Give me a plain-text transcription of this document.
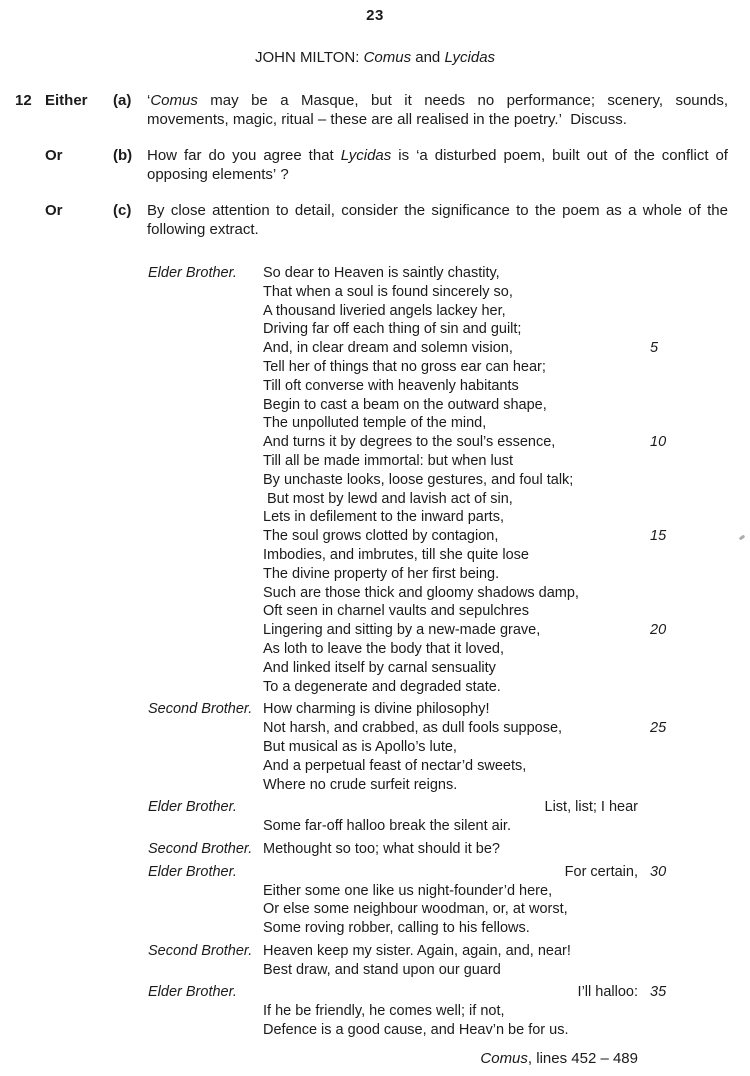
23
JOHN MILTON: Comus and Lycidas
12 Either	(a)	‘Comus may be a Masque, but it needs no performance; scenery, sounds,
movements, magic, ritual – these are all realised in the poetry.’  Discuss.
Or	(b) How far do you agree that Lycidas is ‘a disturbed poem, built out of the conflict of
opposing elements’ ?
Or	(c)	By close attention to detail, consider the significance to the poem as a whole of the
following extract.
Elder Brother.	So dear to Heaven is saintly chastity,
That when a soul is found sincerely so,
A thousand liveried angels lackey her,
Driving far off each thing of sin and guilt;
And, in clear dream and solemn vision,	5
Tell her of things that no gross ear can hear;
Till oft converse with heavenly habitants
Begin to cast a beam on the outward shape,
The unpolluted temple of the mind,
And turns it by degrees to the soul’s essence,	10
Till all be made immortal: but when lust
By unchaste looks, loose gestures, and foul talk;
But most by lewd and lavish act of sin,
Lets in defilement to the inward parts,
The soul grows clotted by contagion,	15
Imbodies, and imbrutes, till she quite lose
The divine property of her first being.
Such are those thick and gloomy shadows damp,
Oft seen in charnel vaults and sepulchres
Lingering and sitting by a new-made grave,	20
As loth to leave the body that it loved,
And linked itself by carnal sensuality
To a degenerate and degraded state.
Second Brother. How charming is divine philosophy!
Not harsh, and crabbed, as dull fools suppose,	25
But musical as is Apollo’s lute,
And a perpetual feast of nectar’d sweets,
Where no crude surfeit reigns.
Elder Brother.	List, list; I hear
Some far-off halloo break the silent air.
Second Brother. Methought so too; what should it be?
Elder Brother.	For certain, 30
Either some one like us night-founder’d here,
Or else some neighbour woodman, or, at worst,
Some roving robber, calling to his fellows.
Second Brother. Heaven keep my sister. Again, again, and, near!
Best draw, and stand upon our guard
Elder Brother.	I’ll halloo: 35
If he be friendly, he comes well; if not,
Defence is a good cause, and Heav’n be for us.
Comus, lines 452 – 489
